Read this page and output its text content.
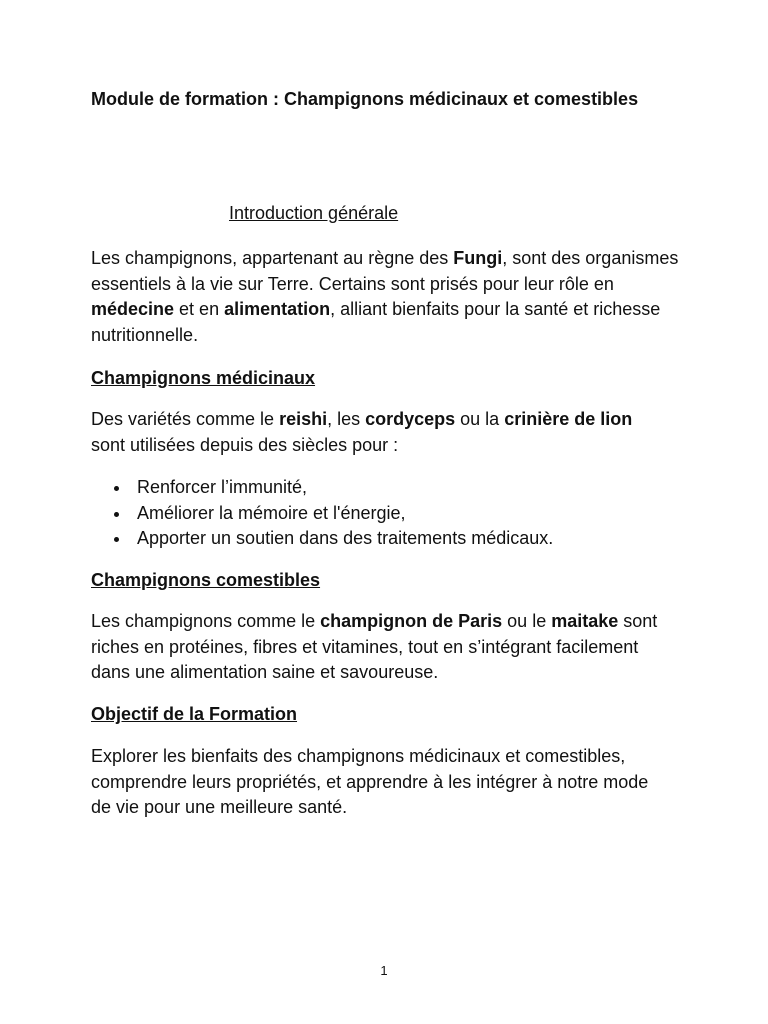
Module de formation : Champignons médicinaux et comestibles

Introduction générale

Les champignons, appartenant au règne des Fungi, sont des organismes essentiels à la vie sur Terre. Certains sont prisés pour leur rôle en médecine et en alimentation, alliant bienfaits pour la santé et richesse nutritionnelle.

Champignons médicinaux

Des variétés comme le reishi, les cordyceps ou la crinière de lion sont utilisées depuis des siècles pour :

Renforcer l’immunité,
Améliorer la mémoire et l'énergie,
Apporter un soutien dans des traitements médicaux.

Champignons comestibles

Les champignons comme le champignon de Paris ou le maitake sont riches en protéines, fibres et vitamines, tout en s’intégrant facilement dans une alimentation saine et savoureuse.

Objectif de la Formation

Explorer les bienfaits des champignons médicinaux et comestibles, comprendre leurs propriétés, et apprendre à les intégrer à notre mode de vie pour une meilleure santé.

1
